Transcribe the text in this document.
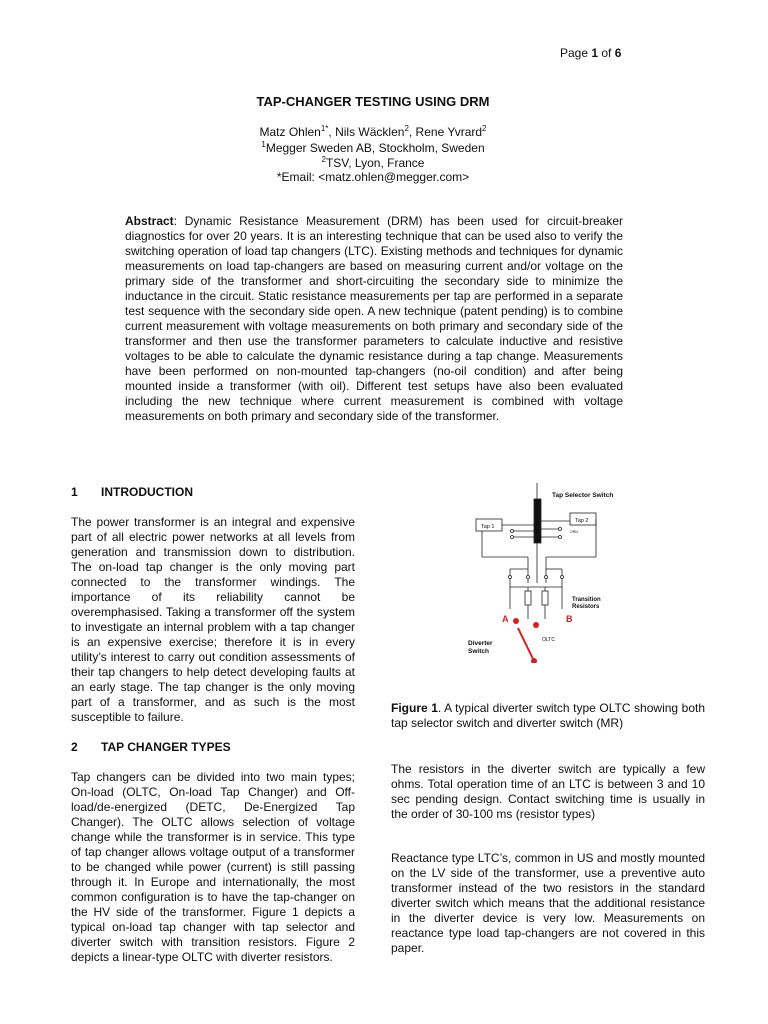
Page 1 of 6
TAP-CHANGER TESTING USING DRM
Matz Ohlen$^{1*}$, Nils Wäcklen$^2$, Rene Yvrard$^2$
$^1$Megger Sweden AB, Stockholm, Sweden
$^2$TSV, Lyon, France
*Email: <matz.ohlen@megger.com>
Abstract: Dynamic Resistance Measurement (DRM) has been used for circuit-breaker diagnostics for over 20 years. It is an interesting technique that can be used also to verify the switching operation of load tap changers (LTC). Existing methods and techniques for dynamic measurements on load tap-changers are based on measuring current and/or voltage on the primary side of the transformer and short-circuiting the secondary side to minimize the inductance in the circuit. Static resistance measurements per tap are performed in a separate test sequence with the secondary side open. A new technique (patent pending) is to combine current measurement with voltage measurements on both primary and secondary side of the transformer and then use the transformer parameters to calculate inductive and resistive voltages to be able to calculate the dynamic resistance during a tap change. Measurements have been performed on non-mounted tap-changers (no-oil condition) and after being mounted inside a transformer (with oil). Different test setups have also been evaluated including the new technique where current measurement is combined with voltage measurements on both primary and secondary side of the transformer.
1 INTRODUCTION
The power transformer is an integral and expensive part of all electric power networks at all levels from generation and transmission down to distribution. The on-load tap changer is the only moving part connected to the transformer windings. The importance of its reliability cannot be overemphasised. Taking a transformer off the system to investigate an internal problem with a tap changer is an expensive exercise; therefore it is in every utility’s interest to carry out condition assessments of their tap changers to help detect developing faults at an early stage. The tap changer is the only moving part of a transformer, and as such is the most susceptible to failure.
2 TAP CHANGER TYPES
Tap changers can be divided into two main types; On-load (OLTC, On-load Tap Changer) and Off-load/de-energized (DETC, De-Energized Tap Changer). The OLTC allows selection of voltage change while the transformer is in service. This type of tap changer allows voltage output of a transformer to be changed while power (current) is still passing through it. In Europe and internationally, the most common configuration is to have the tap-changer on the HV side of the transformer. Figure 1 depicts a typical on-load tap changer with tap selector and diverter switch with transition resistors. Figure 2 depicts a linear-type OLTC with diverter resistors.
Tap Selector Switch
Tap 1
Tap 2
ORN
Transition
Resistors
A	B
OLTC
Diverter
Switch
Figure 1. A typical diverter switch type OLTC showing both tap selector switch and diverter switch (MR)
The resistors in the diverter switch are typically a few ohms. Total operation time of an LTC is between 3 and 10 sec pending design. Contact switching time is usually in the order of 30-100 ms (resistor types)
Reactance type LTC’s, common in US and mostly mounted on the LV side of the transformer, use a preventive auto transformer instead of the two resistors in the standard diverter switch which means that the additional resistance in the diverter device is very low. Measurements on reactance type load tap-changers are not covered in this paper.
